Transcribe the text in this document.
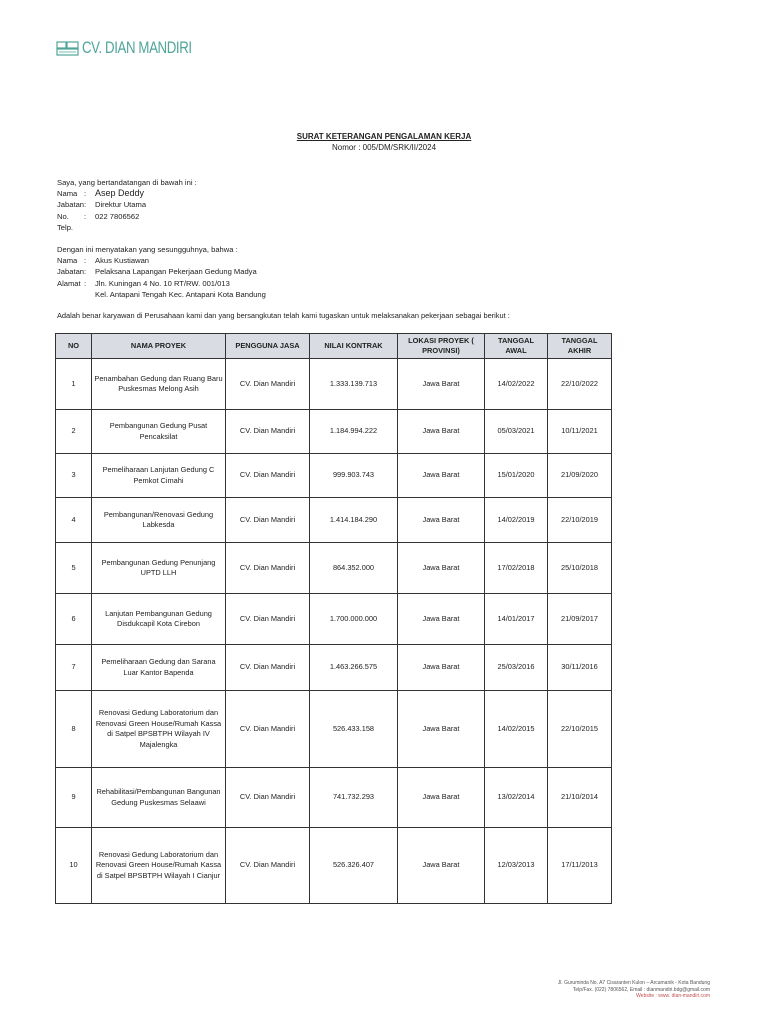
CV. DIAN MANDIRI
SURAT KETERANGAN PENGALAMAN KERJA
Nomor : 005/DM/SRK/II/2024
Saya, yang bertandatangan di bawah ini :
Nama : Asep Deddy
Jabatan :	Direktur Utama
No. Telp.
:	022 7806562
Dengan ini menyatakan yang sesungguhnya, bahwa :
Nama :	Akus Kustiawan
Jabatan :	Pelaksana Lapangan Pekerjaan Gedung Madya
Alamat :	Jln. Kuningan 4 No. 10 RT/RW. 001/013
Kel. Antapani Tengah Kec. Antapani Kota Bandung
Adalah benar karyawan di Perusahaan kami dan yang bersangkutan telah kami tugaskan untuk melaksanakan pekerjaan sebagai berikut :
NO	NAMA PROYEK	PENGGUNA JASA	NILAI KONTRAK	LOKASI PROYEK ( PROVINSI)	TANGGAL AWAL	TANGGAL AKHIR
1	Penambahan Gedung dan Ruang Baru Puskesmas Melong Asih	CV. Dian Mandiri	1.333.139.713	Jawa Barat	14/02/2022	22/10/2022
2	Pembangunan Gedung Pusat Pencaksilat	CV. Dian Mandiri	1.184.994.222	Jawa Barat	05/03/2021	10/11/2021
3	Pemeliharaan Lanjutan Gedung C Pemkot Cimahi	CV. Dian Mandiri	999.903.743	Jawa Barat	15/01/2020	21/09/2020
4	Pembangunan/Renovasi Gedung Labkesda	CV. Dian Mandiri	1.414.184.290	Jawa Barat	14/02/2019	22/10/2019
5	Pembangunan Gedung Penunjang UPTD LLH	CV. Dian Mandiri	864.352.000	Jawa Barat	17/02/2018	25/10/2018
6	Lanjutan Pembangunan Gedung Disdukcapil Kota Cirebon	CV. Dian Mandiri	1.700.000.000	Jawa Barat	14/01/2017	21/09/2017
7	Pemeliharaan Gedung dan Sarana Luar Kantor Bapenda	CV. Dian Mandiri	1.463.266.575	Jawa Barat	25/03/2016	30/11/2016
8	Renovasi Gedung Laboratorium dan Renovasi Green House/Rumah Kassa di Satpel BPSBTPH Wilayah IV Majalengka	CV. Dian Mandiri	526.433.158	Jawa Barat	14/02/2015	22/10/2015
9	Rehabilitasi/Pembangunan Bangunan Gedung Puskesmas Selaawi	CV. Dian Mandiri	741.732.293	Jawa Barat	13/02/2014	21/10/2014
10	Renovasi Gedung Laboratorium dan Renovasi Green House/Rumah Kassa di Satpel BPSBTPH Wilayah I Cianjur	CV. Dian Mandiri	526.326.407	Jawa Barat	12/03/2013	17/11/2013
Jl. Guruminda No. A7 Cisaranten Kulon – Arcamanik - Kota Bandung
Telp/Fax. (022) 7806562, Email : dianmandiri.bdg@gmail.com
Website : www. dian-mandiri.com
